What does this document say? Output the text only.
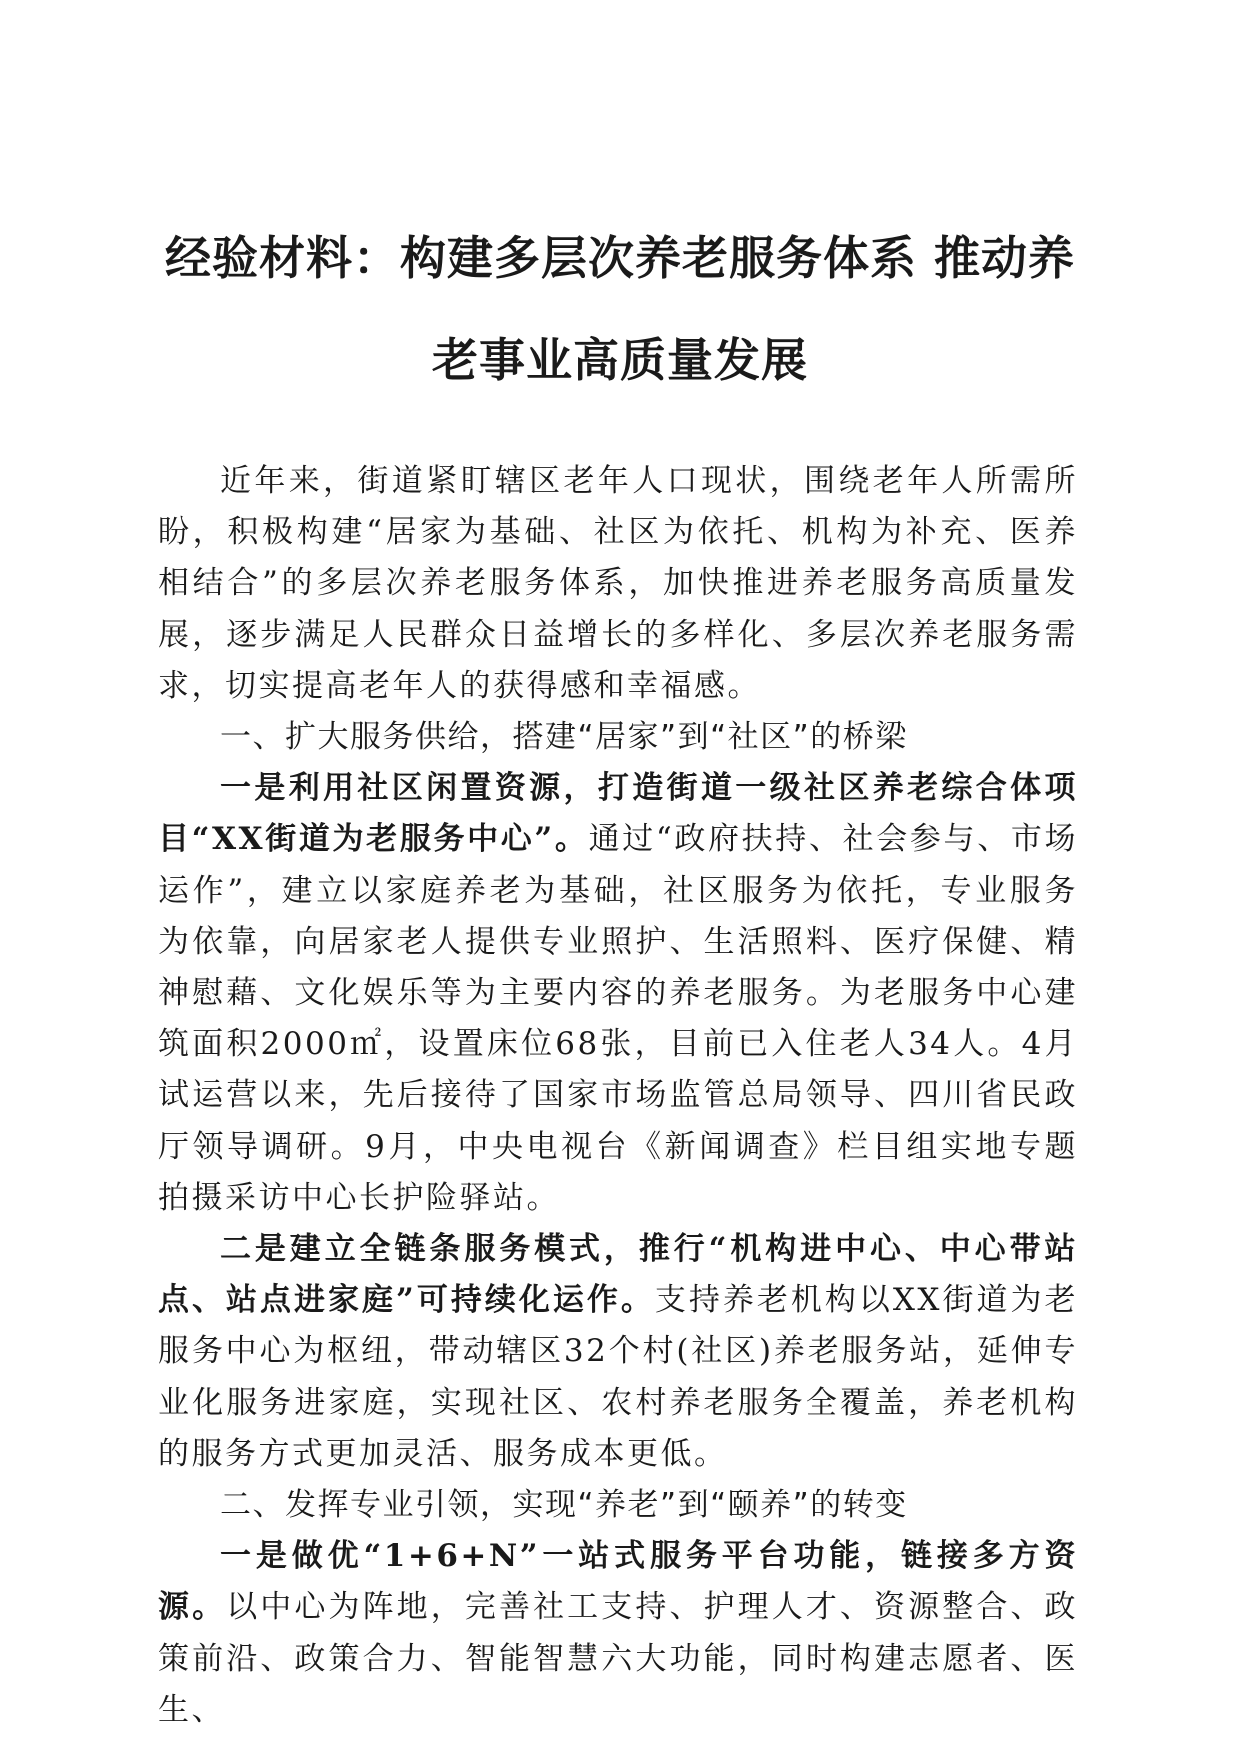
经验材料：构建多层次养老服务体系 推动养
老事业高质量发展

近年来，街道紧盯辖区老年人口现状，围绕老年人所需所盼，积极构建“居家为基础、社区为依托、机构为补充、医养相结合”的多层次养老服务体系，加快推进养老服务高质量发展，逐步满足人民群众日益增长的多样化、多层次养老服务需求，切实提高老年人的获得感和幸福感。

一、扩大服务供给，搭建“居家”到“社区”的桥梁

一是利用社区闲置资源，打造街道一级社区养老综合体项目“XX街道为老服务中心”。通过“政府扶持、社会参与、市场运作”，建立以家庭养老为基础，社区服务为依托，专业服务为依靠，向居家老人提供专业照护、生活照料、医疗保健、精神慰藉、文化娱乐等为主要内容的养老服务。为老服务中心建筑面积2000㎡，设置床位68张，目前已入住老人34人。4月试运营以来，先后接待了国家市场监管总局领导、四川省民政厅领导调研。9月，中央电视台《新闻调查》栏目组实地专题拍摄采访中心长护险驿站。

二是建立全链条服务模式，推行“机构进中心、中心带站点、站点进家庭”可持续化运作。支持养老机构以XX街道为老服务中心为枢纽，带动辖区32个村(社区)养老服务站，延伸专业化服务进家庭，实现社区、农村养老服务全覆盖，养老机构的服务方式更加灵活、服务成本更低。

二、发挥专业引领，实现“养老”到“颐养”的转变

一是做优“1+6+N”一站式服务平台功能，链接多方资源。以中心为阵地，完善社工支持、护理人才、资源整合、政策前沿、政策合力、智能智慧六大功能，同时构建志愿者、医生、
